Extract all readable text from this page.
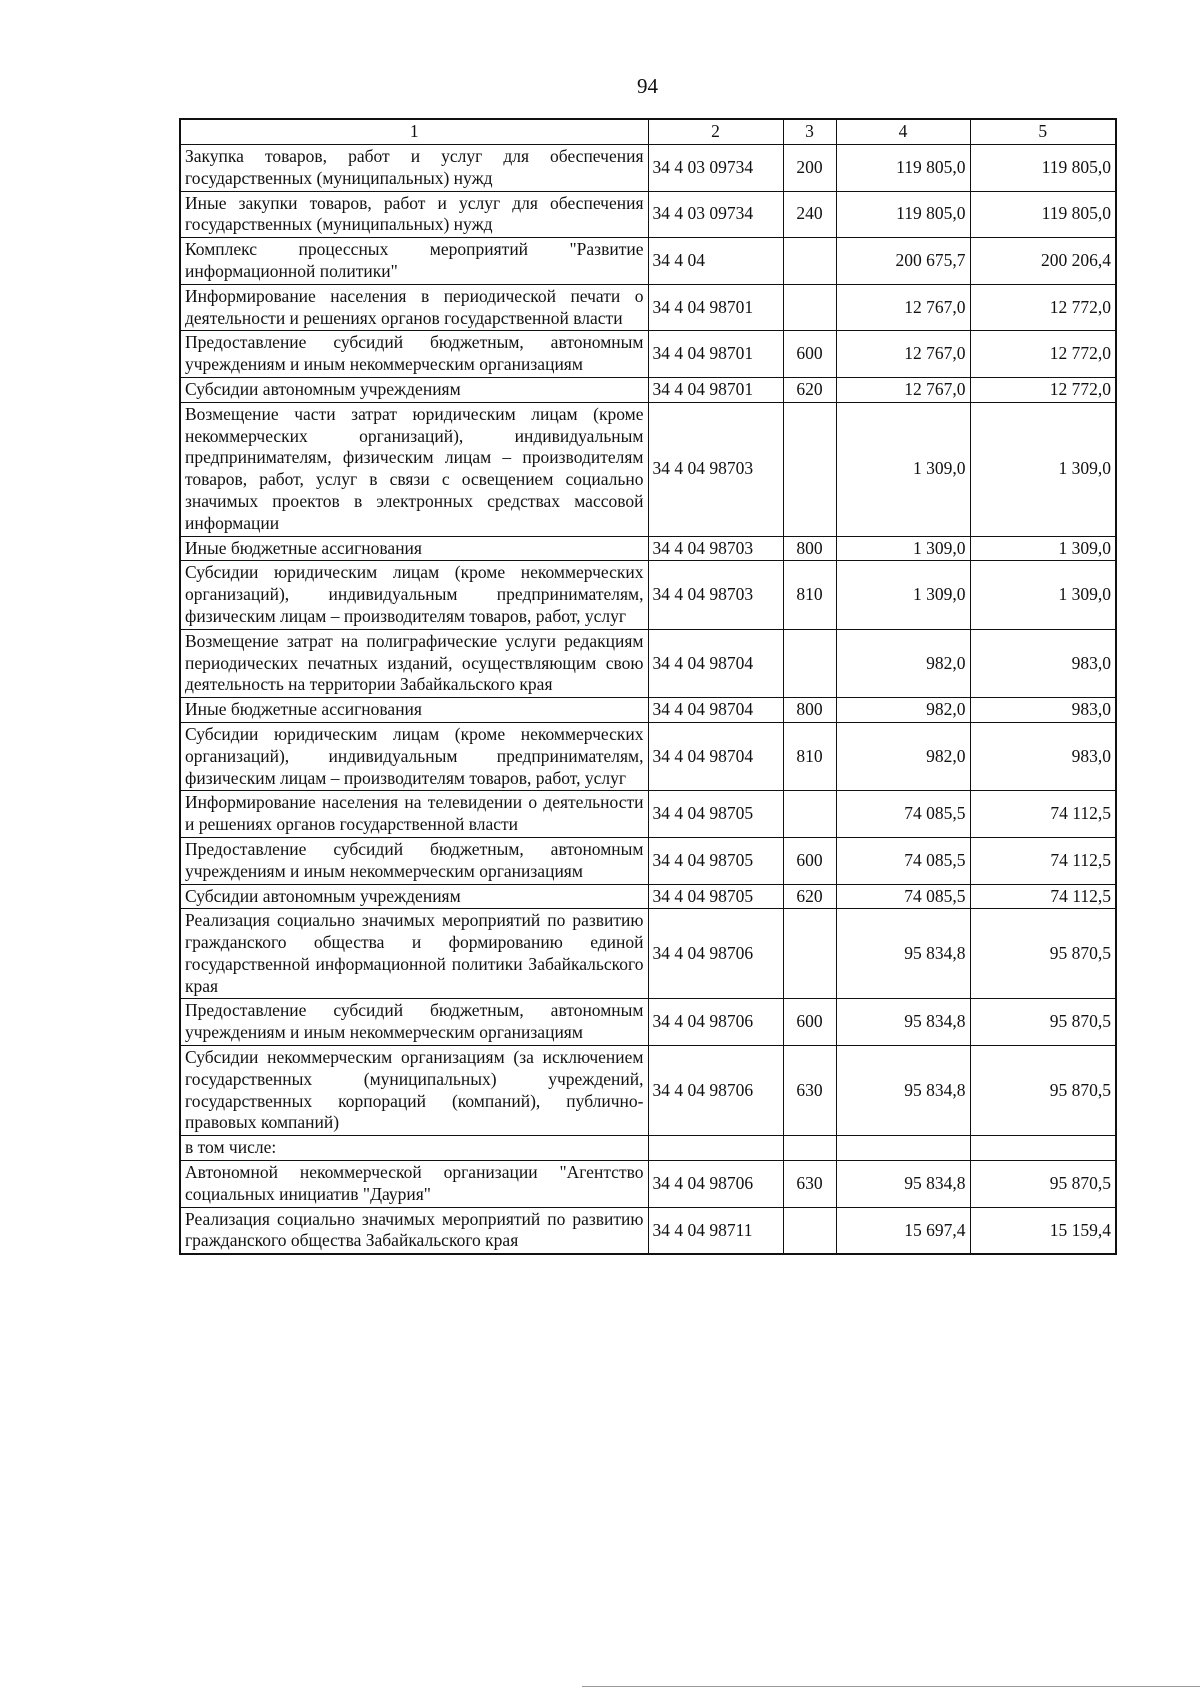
94
1	2	3	4	5
Закупка товаров, работ и услуг для обеспечения государственных (муниципальных) нужд	34 4 03 09734	200	119 805,0	119 805,0
Иные закупки товаров, работ и услуг для обеспечения государственных (муниципальных) нужд	34 4 03 09734	240	119 805,0	119 805,0
Комплекс процессных мероприятий "Развитие информационной политики"	34 4 04		200 675,7	200 206,4
Информирование населения в периодической печати о деятельности и решениях органов государственной власти	34 4 04 98701		12 767,0	12 772,0
Предоставление субсидий бюджетным, автономным учреждениям и иным некоммерческим организациям	34 4 04 98701	600	12 767,0	12 772,0
Субсидии автономным учреждениям	34 4 04 98701	620	12 767,0	12 772,0
Возмещение части затрат юридическим лицам (кроме некоммерческих организаций), индивидуальным предпринимателям, физическим лицам – производителям товаров, работ, услуг в связи с освещением социально значимых проектов в электронных средствах массовой информации	34 4 04 98703		1 309,0	1 309,0
Иные бюджетные ассигнования	34 4 04 98703	800	1 309,0	1 309,0
Субсидии юридическим лицам (кроме некоммерческих организаций), индивидуальным предпринимателям, физическим лицам – производителям товаров, работ, услуг	34 4 04 98703	810	1 309,0	1 309,0
Возмещение затрат на полиграфические услуги редакциям периодических печатных изданий, осуществляющим свою деятельность на территории Забайкальского края	34 4 04 98704		982,0	983,0
Иные бюджетные ассигнования	34 4 04 98704	800	982,0	983,0
Субсидии юридическим лицам (кроме некоммерческих организаций), индивидуальным предпринимателям, физическим лицам – производителям товаров, работ, услуг	34 4 04 98704	810	982,0	983,0
Информирование населения на телевидении о деятельности и решениях органов государственной власти	34 4 04 98705		74 085,5	74 112,5
Предоставление субсидий бюджетным, автономным учреждениям и иным некоммерческим организациям	34 4 04 98705	600	74 085,5	74 112,5
Субсидии автономным учреждениям	34 4 04 98705	620	74 085,5	74 112,5
Реализация социально значимых мероприятий по развитию гражданского общества и формированию единой государственной информационной политики Забайкальского края	34 4 04 98706		95 834,8	95 870,5
Предоставление субсидий бюджетным, автономным учреждениям и иным некоммерческим организациям	34 4 04 98706	600	95 834,8	95 870,5
Субсидии некоммерческим организациям (за исключением государственных (муниципальных) учреждений, государственных корпораций (компаний), публично-правовых компаний)	34 4 04 98706	630	95 834,8	95 870,5
в том числе:				
Автономной некоммерческой организации "Агентство социальных инициатив "Даурия"	34 4 04 98706	630	95 834,8	95 870,5
Реализация социально значимых мероприятий по развитию гражданского общества Забайкальского края	34 4 04 98711		15 697,4	15 159,4
